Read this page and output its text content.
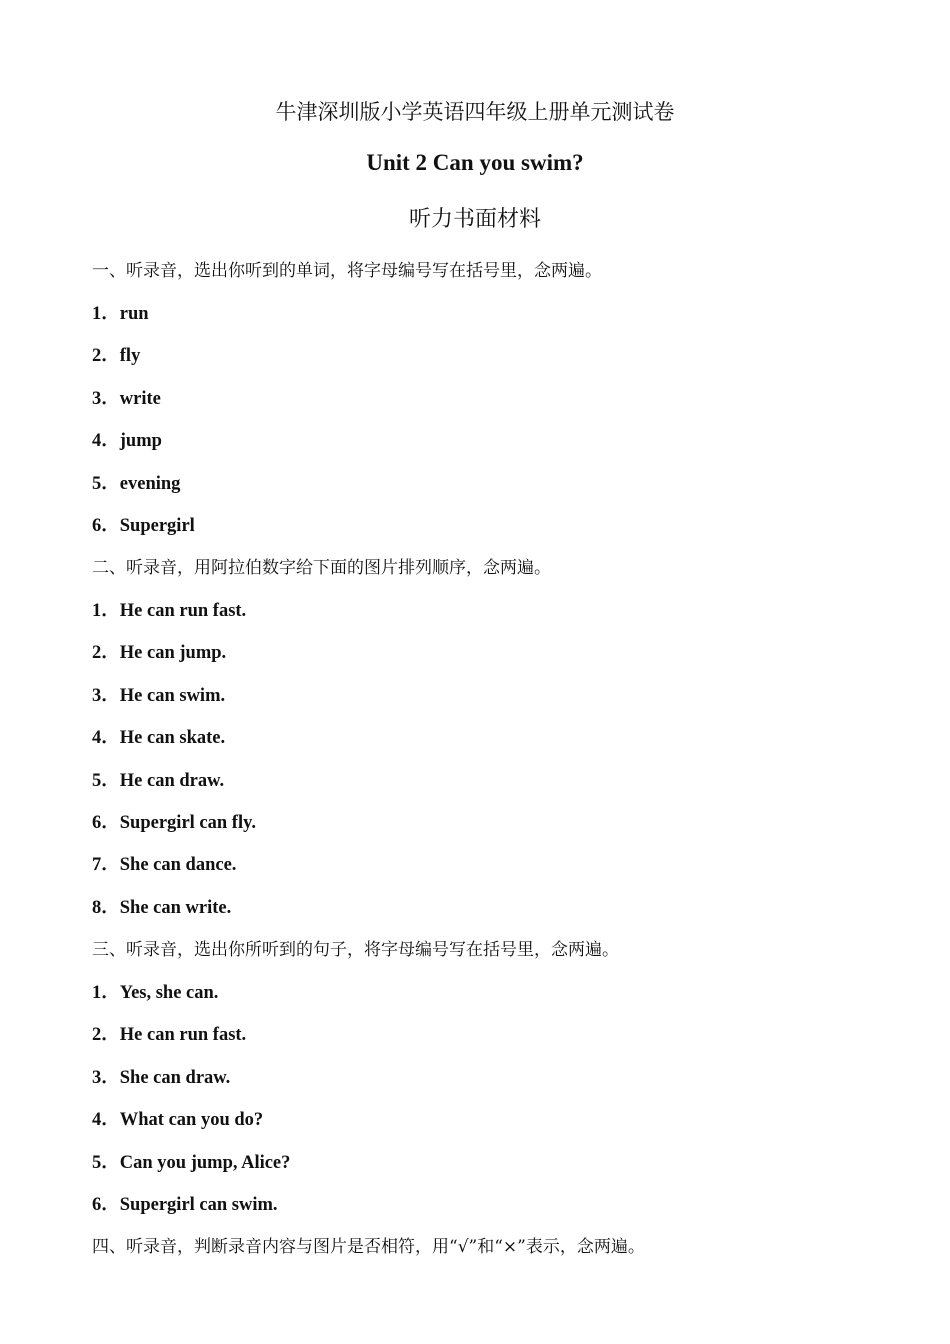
牛津深圳版小学英语四年级上册单元测试卷
Unit 2 Can you swim?
听力书面材料
一、听录音，选出你听到的单词，将字母编号写在括号里，念两遍。
1．run
2．fly
3．write
4．jump
5．evening
6．Supergirl
二、听录音，用阿拉伯数字给下面的图片排列顺序，念两遍。
1．He can run fast.
2．He can jump.
3．He can swim.
4．He can skate.
5．He can draw.
6．Supergirl can fly.
7．She can dance.
8．She can write.
三、听录音，选出你所听到的句子，将字母编号写在括号里，念两遍。
1．Yes, she can.
2．He can run fast.
3．She can draw.
4．What can you do?
5．Can you jump, Alice?
6．Supergirl can swim.
四、听录音，判断录音内容与图片是否相符，用“√”和“×”表示，念两遍。
